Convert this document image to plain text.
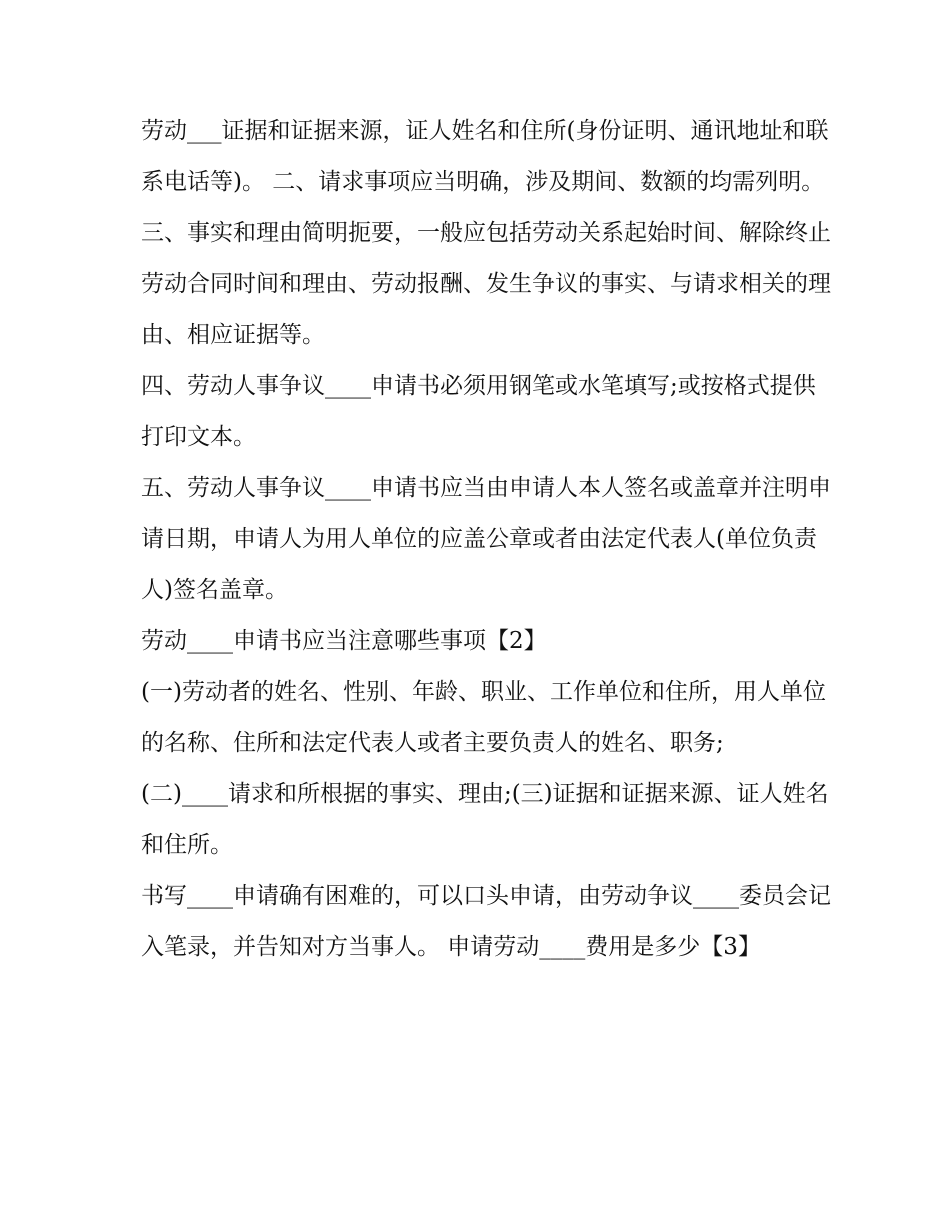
劳动___证据和证据来源，证人姓名和住所(身份证明、通讯地址和联系电话等)。 二、请求事项应当明确，涉及期间、数额的均需列明。

三、事实和理由简明扼要，一般应包括劳动关系起始时间、解除终止劳动合同时间和理由、劳动报酬、发生争议的事实、与请求相关的理由、相应证据等。

四、劳动人事争议____申请书必须用钢笔或水笔填写;或按格式提供打印文本。

五、劳动人事争议____申请书应当由申请人本人签名或盖章并注明申请日期，申请人为用人单位的应盖公章或者由法定代表人(单位负责人)签名盖章。

劳动____申请书应当注意哪些事项【2】

(一)劳动者的姓名、性别、年龄、职业、工作单位和住所，用人单位的名称、住所和法定代表人或者主要负责人的姓名、职务;

(二)____请求和所根据的事实、理由;(三)证据和证据来源、证人姓名和住所。

书写____申请确有困难的，可以口头申请，由劳动争议____委员会记入笔录，并告知对方当事人。 申请劳动____费用是多少【3】
